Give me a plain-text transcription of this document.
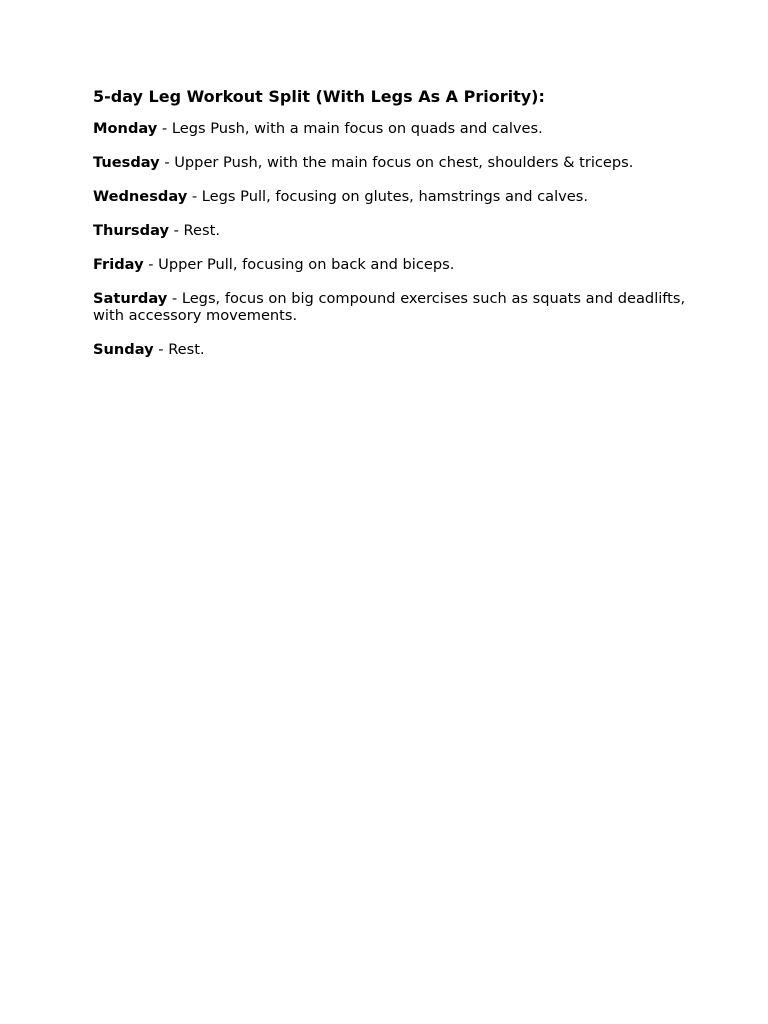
5-day Leg Workout Split (With Legs As A Priority):

Monday - Legs Push, with a main focus on quads and calves.

Tuesday - Upper Push, with the main focus on chest, shoulders & triceps.

Wednesday - Legs Pull, focusing on glutes, hamstrings and calves.

Thursday - Rest.

Friday - Upper Pull, focusing on back and biceps.

Saturday - Legs, focus on big compound exercises such as squats and deadlifts, with accessory movements.

Sunday - Rest.
